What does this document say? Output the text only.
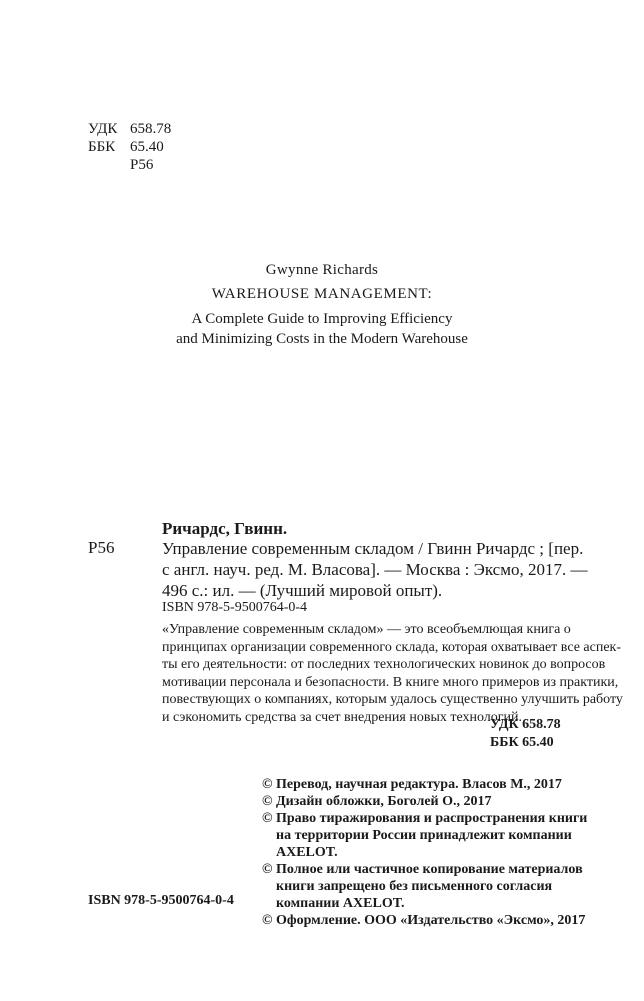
УДК 658.78
ББК 65.40
Р56
Gwynne Richards
WAREHOUSE MANAGEMENT:
A Complete Guide to Improving Efficiency
and Minimizing Costs in the Modern Warehouse
Ричардс, Гвинн.
Р56	Управление современным складом / Гвинн Ричардс ; [пер.
с англ. науч. ред. М. Власова]. — Москва : Эксмо, 2017. —
496 с.: ил. — (Лучший мировой опыт).
ISBN 978-5-9500764-0-4
«Управление современным складом» — это всеобъемлющая книга о
принципах организации современного склада, которая охватывает все аспек-
ты его деятельности: от последних технологических новинок до вопросов
мотивации персонала и безопасности. В книге много примеров из практики,
повествующих о компаниях, которым удалось существенно улучшить работу
и сэкономить средства за счет внедрения новых технологий.
УДК 658.78
ББК 65.40
© Перевод, научная редактура. Власов М., 2017
© Дизайн обложки, Боголей О., 2017
© Право тиражирования и распространения книги
на территории России принадлежит компании
AXELOT.
© Полное или частичное копирование материалов
книги запрещено без письменного согласия
компании AXELOT.
© Оформление. ООО «Издательство «Эксмо», 2017
ISBN 978-5-9500764-0-4
